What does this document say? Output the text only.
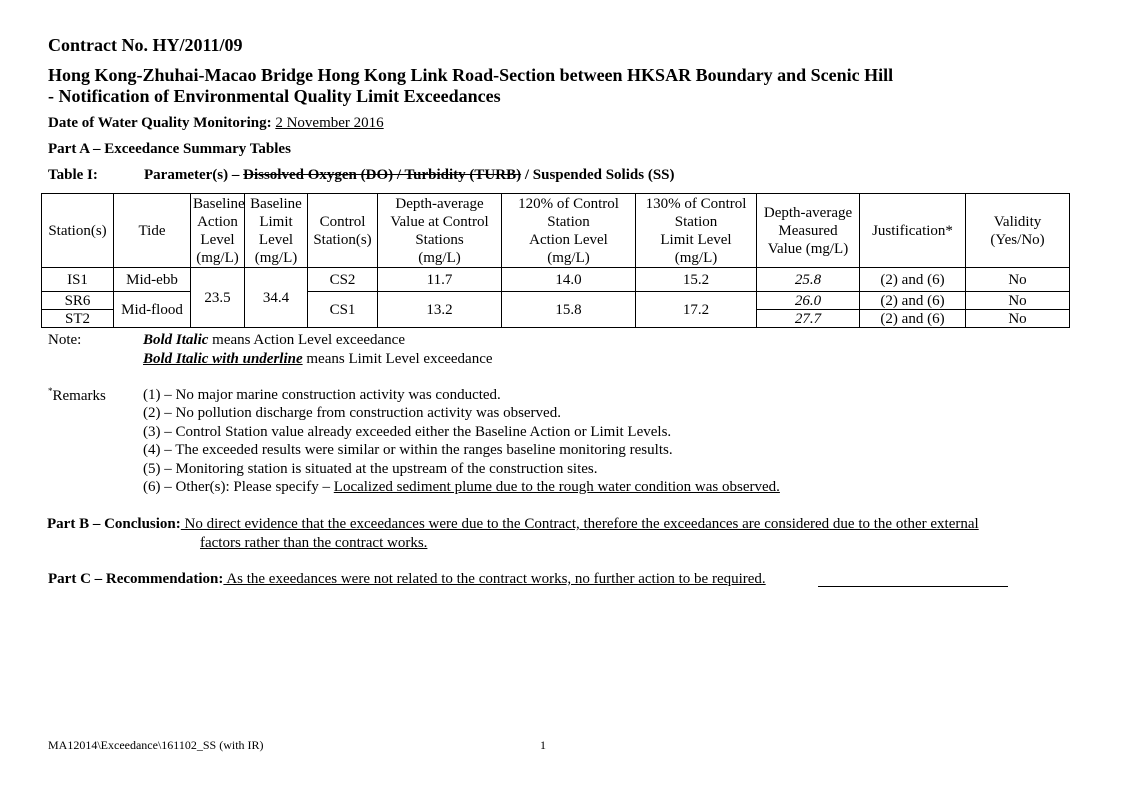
Contract No. HY/2011/09
Hong Kong-Zhuhai-Macao Bridge Hong Kong Link Road-Section between HKSAR Boundary and Scenic Hill
- Notification of Environmental Quality Limit Exceedances
Date of Water Quality Monitoring: 2 November 2016
Part A – Exceedance Summary Tables
Table I:	Parameter(s) – Dissolved Oxygen (DO) / Turbidity (TURB) / Suspended Solids (SS)
Station(s)	Tide	Baseline
Action
Level
(mg/L)	Baseline
Limit
Level
(mg/L)	Control
Station(s)	Depth-average
Value at Control
Stations
(mg/L)	120% of Control
Station
Action Level
(mg/L)	130% of Control
Station
Limit Level
(mg/L)	Depth-average
Measured
Value (mg/L)	Justification*	Validity
(Yes/No)
IS1	Mid-ebb	23.5	34.4	CS2	11.7	14.0	15.2	25.8	(2) and (6)	No
SR6	Mid-flood			CS1	13.2	15.8	17.2	26.0	(2) and (6)	No
ST2								27.7	(2) and (6)	No
Note:	Bold Italic means Action Level exceedance
Bold Italic with underline means Limit Level exceedance
*Remarks (1) – No major marine construction activity was conducted.
(2) – No pollution discharge from construction activity was observed.
(3) – Control Station value already exceeded either the Baseline Action or Limit Levels.
(4) – The exceeded results were similar or within the ranges baseline monitoring results.
(5) – Monitoring station is situated at the upstream of the construction sites.
(6) – Other(s): Please specify – Localized sediment plume due to the rough water condition was observed.
Part B – Conclusion: No direct evidence that the exceedances were due to the Contract, therefore the exceedances are considered due to the other external
factors rather than the contract works.
Part C – Recommendation: As the exeedances were not related to the contract works, no further action to be required.
MA12014\Exceedance\161102_SS (with IR)	1
